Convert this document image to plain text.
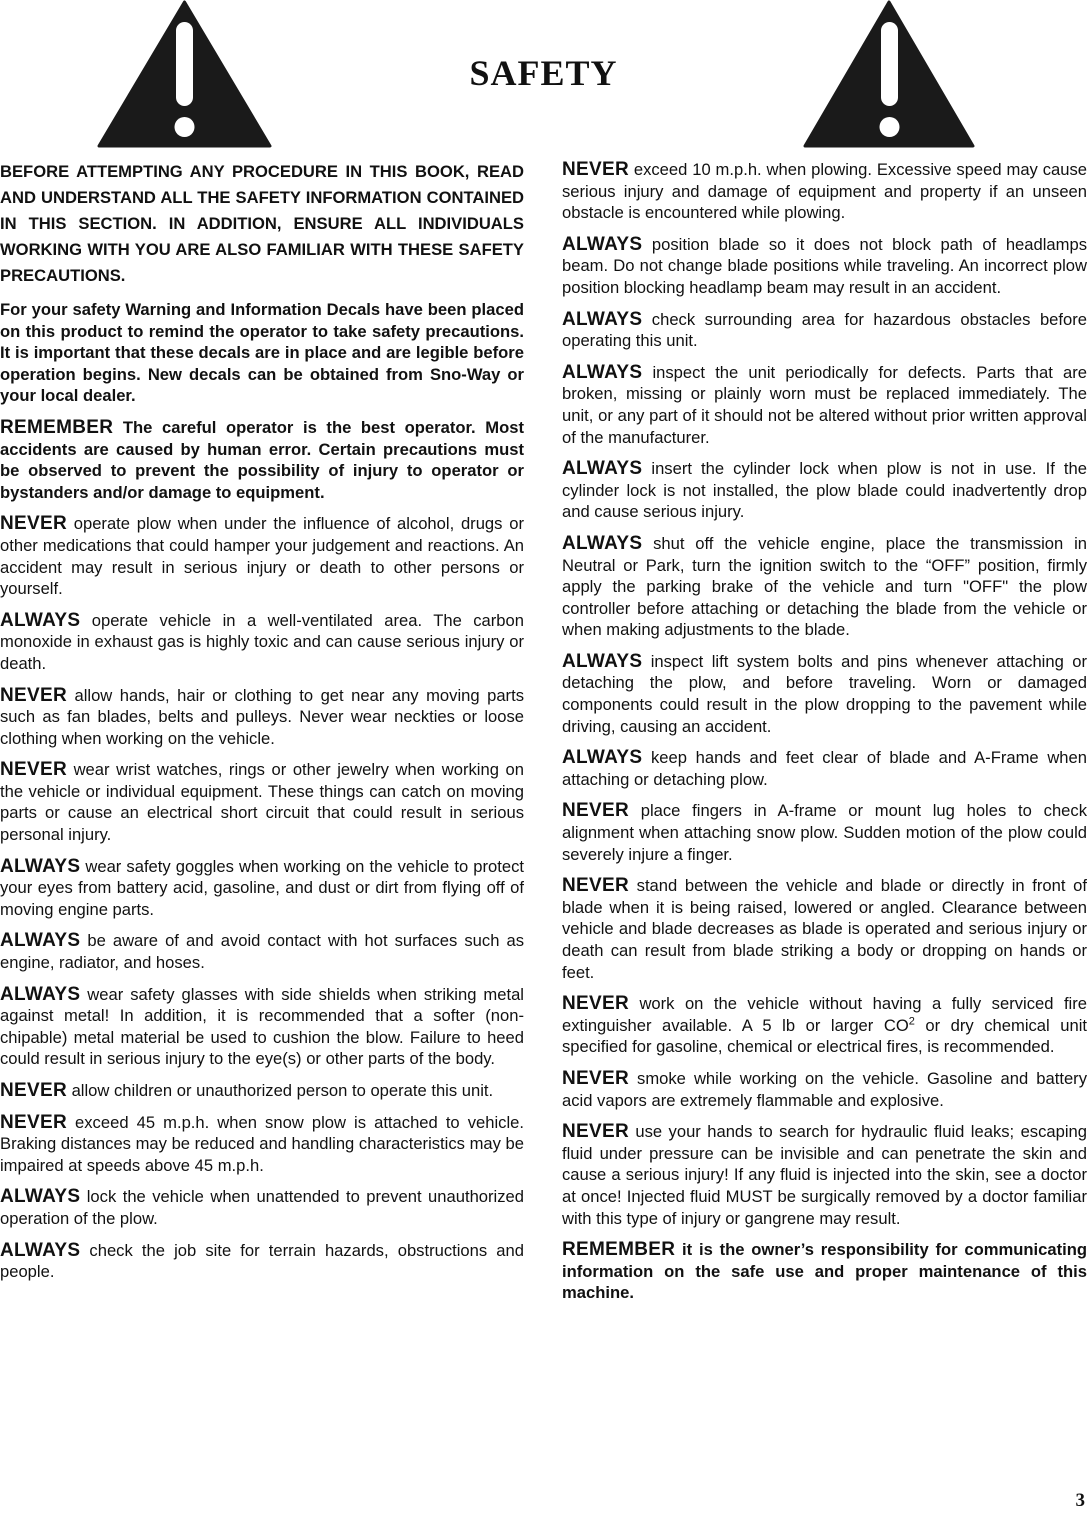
SAFETY

BEFORE ATTEMPTING ANY PROCEDURE IN THIS BOOK, READ AND UNDERSTAND ALL THE SAFETY INFORMATION CONTAINED IN THIS SECTION. IN ADDITION, ENSURE ALL INDIVIDUALS WORKING WITH YOU ARE ALSO FAMILIAR WITH THESE SAFETY PRECAUTIONS.

For your safety Warning and Information Decals have been placed on this product to remind the operator to take safety precautions. It is important that these decals are in place and are legible before operation begins. New decals can be obtained from Sno-Way or your local dealer.

REMEMBER The careful operator is the best operator. Most accidents are caused by human error. Certain precautions must be observed to prevent the possibility of injury to operator or bystanders and/or damage to equipment.

NEVER operate plow when under the influence of alcohol, drugs or other medications that could hamper your judgement and reactions. An accident may result in serious injury or death to other persons or yourself.

ALWAYS operate vehicle in a well-ventilated area. The carbon monoxide in exhaust gas is highly toxic and can cause serious injury or death.

NEVER allow hands, hair or clothing to get near any moving parts such as fan blades, belts and pulleys. Never wear neckties or loose clothing when working on the vehicle.

NEVER wear wrist watches, rings or other jewelry when working on the vehicle or individual equipment. These things can catch on moving parts or cause an electrical short circuit that could result in serious personal injury.

ALWAYS wear safety goggles when working on the vehicle to protect your eyes from battery acid, gasoline, and dust or dirt from flying off of moving engine parts.

ALWAYS be aware of and avoid contact with hot surfaces such as engine, radiator, and hoses.

ALWAYS wear safety glasses with side shields when striking metal against metal! In addition, it is recommended that a softer (non-chipable) metal material be used to cushion the blow. Failure to heed could result in serious injury to the eye(s) or other parts of the body.

NEVER allow children or unauthorized person to operate this unit.

NEVER exceed 45 m.p.h. when snow plow is attached to vehicle. Braking distances may be reduced and handling characteristics may be impaired at speeds above 45 m.p.h.

ALWAYS lock the vehicle when unattended to prevent unauthorized operation of the plow.

ALWAYS check the job site for terrain hazards, obstructions and people.

NEVER exceed 10 m.p.h. when plowing. Excessive speed may cause serious injury and damage of equipment and property if an unseen obstacle is encountered while plowing.

ALWAYS position blade so it does not block path of headlamps beam. Do not change blade positions while traveling. An incorrect plow position blocking headlamp beam may result in an accident.

ALWAYS check surrounding area for hazardous obstacles before operating this unit.

ALWAYS inspect the unit periodically for defects. Parts that are broken, missing or plainly worn must be replaced immediately. The unit, or any part of it should not be altered without prior written approval of the manufacturer.

ALWAYS insert the cylinder lock when plow is not in use. If the cylinder lock is not installed, the plow blade could inadvertently drop and cause serious injury.

ALWAYS shut off the vehicle engine, place the transmission in Neutral or Park, turn the ignition switch to the “OFF” position, firmly apply the parking brake of the vehicle and turn "OFF" the plow controller before attaching or detaching the blade from the vehicle or when making adjustments to the blade.

ALWAYS inspect lift system bolts and pins whenever attaching or detaching the plow, and before traveling. Worn or damaged components could result in the plow dropping to the pavement while driving, causing an accident.

ALWAYS keep hands and feet clear of blade and A-Frame when attaching or detaching plow.

NEVER place fingers in A-frame or mount lug holes to check alignment when attaching snow plow. Sudden motion of the plow could severely injure a finger.

NEVER stand between the vehicle and blade or directly in front of blade when it is being raised, lowered or angled. Clearance between vehicle and blade decreases as blade is operated and serious injury or death can result from blade striking a body or dropping on hands or feet.

NEVER work on the vehicle without having a fully serviced fire extinguisher available. A 5 lb or larger $CO^2$ or dry chemical unit specified for gasoline, chemical or electrical fires, is recommended.

NEVER smoke while working on the vehicle. Gasoline and battery acid vapors are extremely flammable and explosive.

NEVER use your hands to search for hydraulic fluid leaks; escaping fluid under pressure can be invisible and can penetrate the skin and cause a serious injury! If any fluid is injected into the skin, see a doctor at once! Injected fluid MUST be surgically removed by a doctor familiar with this type of injury or gangrene may result.

REMEMBER it is the owner’s responsibility for communicating information on the safe use and proper maintenance of this machine.

3
